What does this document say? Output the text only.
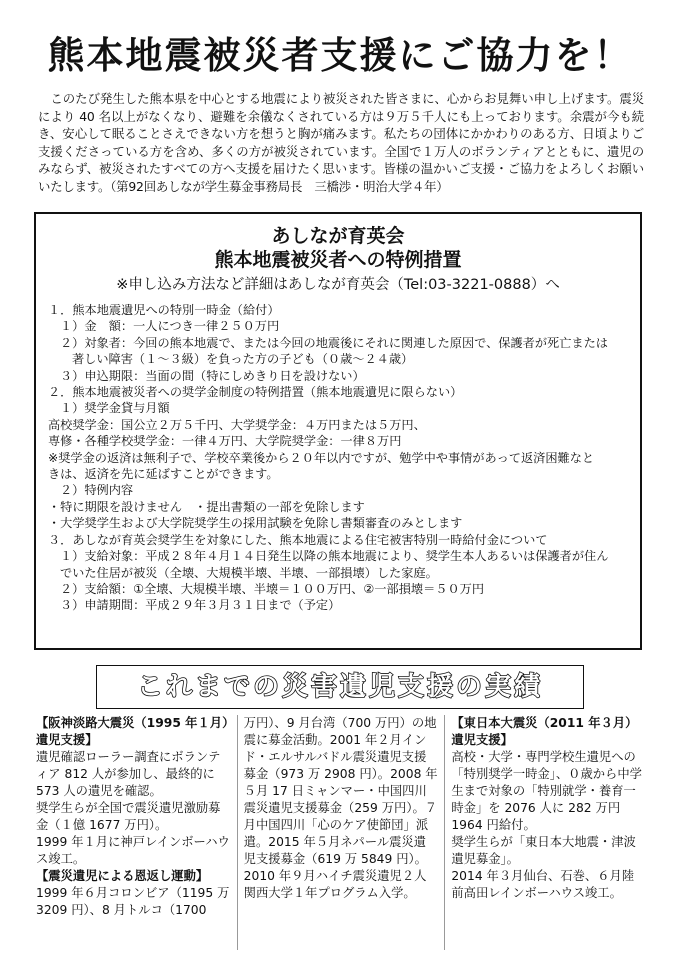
熊本地震被災者支援にご協力を！

このたび発生した熊本県を中心とする地震により被災された皆さまに、心からお見舞い申し上げます。震災により 40 名以上がなくなり、避難を余儀なくされている方は９万５千人にも上っております。余震が今も続き、安心して眠ることさえできない方を想うと胸が痛みます。私たちの団体にかかわりのある方、日頃よりご支援くださっている方を含め、多くの方が被災されています。全国で１万人のボランティアとともに、遺児のみならず、被災されたすべての方へ支援を届けたく思います。皆様の温かいご支援・ご協力をよろしくお願いいたします。（第92回あしなが学生募金事務局長　三橋渉・明治大学４年）

あしなが育英会
熊本地震被災者への特例措置
※申し込み方法など詳細はあしなが育英会（Tel:03-3221-0888）へ

１．熊本地震遺児への特別一時金（給付）

１）金　額：一人につき一律２５０万円

２）対象者：今回の熊本地震で、または今回の地震後にそれに関連した原因で、保護者が死亡または

著しい障害（１～３級）を負った方の子ども（０歳～２４歳）

３）申込期限：当面の間（特にしめきり日を設けない）

２．熊本地震被災者への奨学金制度の特例措置（熊本地震遺児に限らない）

１）奨学金貸与月額

高校奨学金：国公立２万５千円、大学奨学金：４万円または５万円、

専修・各種学校奨学金：一律４万円、大学院奨学金：一律８万円

※奨学金の返済は無利子で、学校卒業後から２０年以内ですが、勉学中や事情があって返済困難なと

きは、返済を先に延ばすことができます。

２）特例内容

・特に期限を設けません　・提出書類の一部を免除します

・大学奨学生および大学院奨学生の採用試験を免除し書類審査のみとします

３．あしなが育英会奨学生を対象にした、熊本地震による住宅被害特別一時給付金について

１）支給対象：平成２８年４月１４日発生以降の熊本地震により、奨学生本人あるいは保護者が住ん

でいた住居が被災（全壊、大規模半壊、半壊、一部損壊）した家庭。

２）支給額：①全壊、大規模半壊、半壊＝１００万円、②一部損壊＝５０万円

３）申請期間：平成２９年３月３１日まで（予定）

これまでの災害遺児支援の実績

【阪神淡路大震災（1995 年１月）遺児支援】

遺児確認ローラー調査にボランティア 812 人が参加し、最終的に 573 人の遺児を確認。

奨学生らが全国で震災遺児激励募金（１億 1677 万円）。

1999 年１月に神戸レインボーハウス竣工。

【震災遺児による恩返し運動】

1999 年６月コロンビア（1195 万 3209 円）、8 月トルコ（1700

万円）、9 月台湾（700 万円）の地震に募金活動。2001 年２月インド・エルサルバドル震災遺児支援募金（973 万 2908 円）。2008 年５月 17 日ミャンマー・中国四川震災遺児支援募金（259 万円）。７月中国四川「心のケア使節団」派遣。2015 年５月ネパール震災遺児支援募金（619 万 5849 円）。2010 年９月ハイチ震災遺児２人関西大学１年プログラム入学。

【東日本大震災（2011 年３月）遺児支援】

高校・大学・専門学校生遺児への「特別奨学一時金」、０歳から中学生まで対象の「特別就学・養育一時金」を 2076 人に 282 万円 1964 円給付。

奨学生らが「東日本大地震・津波遺児募金」。

2014 年３月仙台、石巻、６月陸前高田レインボーハウス竣工。
